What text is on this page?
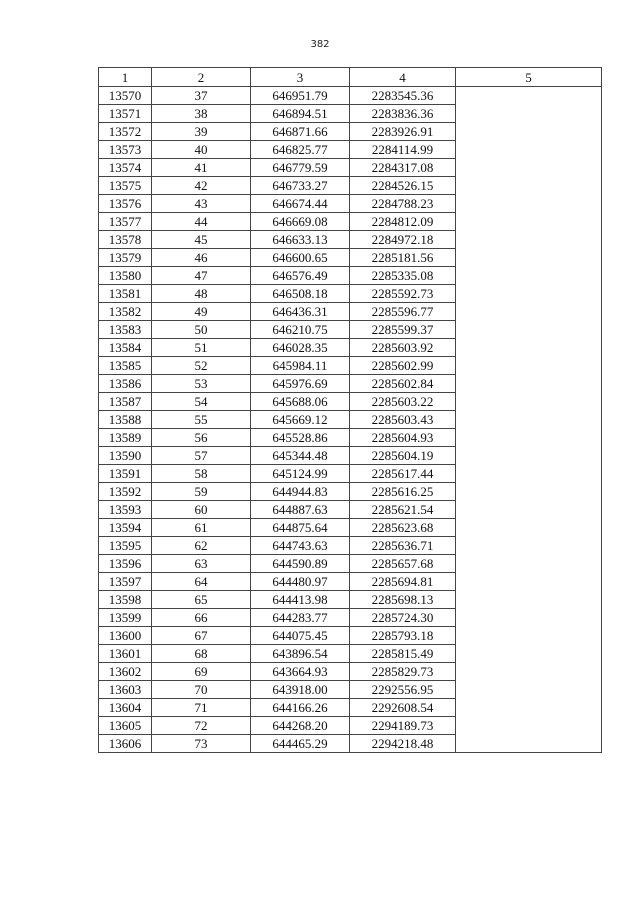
382
1	2	3	4	5
13570	37	646951.79	2283545.36	
13571	38	646894.51	2283836.36	
13572	39	646871.66	2283926.91	
13573	40	646825.77	2284114.99	
13574	41	646779.59	2284317.08	
13575	42	646733.27	2284526.15	
13576	43	646674.44	2284788.23	
13577	44	646669.08	2284812.09	
13578	45	646633.13	2284972.18	
13579	46	646600.65	2285181.56	
13580	47	646576.49	2285335.08	
13581	48	646508.18	2285592.73	
13582	49	646436.31	2285596.77	
13583	50	646210.75	2285599.37	
13584	51	646028.35	2285603.92	
13585	52	645984.11	2285602.99	
13586	53	645976.69	2285602.84	
13587	54	645688.06	2285603.22	
13588	55	645669.12	2285603.43	
13589	56	645528.86	2285604.93	
13590	57	645344.48	2285604.19	
13591	58	645124.99	2285617.44	
13592	59	644944.83	2285616.25	
13593	60	644887.63	2285621.54	
13594	61	644875.64	2285623.68	
13595	62	644743.63	2285636.71	
13596	63	644590.89	2285657.68	
13597	64	644480.97	2285694.81	
13598	65	644413.98	2285698.13	
13599	66	644283.77	2285724.30	
13600	67	644075.45	2285793.18	
13601	68	643896.54	2285815.49	
13602	69	643664.93	2285829.73	
13603	70	643918.00	2292556.95	
13604	71	644166.26	2292608.54	
13605	72	644268.20	2294189.73	
13606	73	644465.29	2294218.48	
